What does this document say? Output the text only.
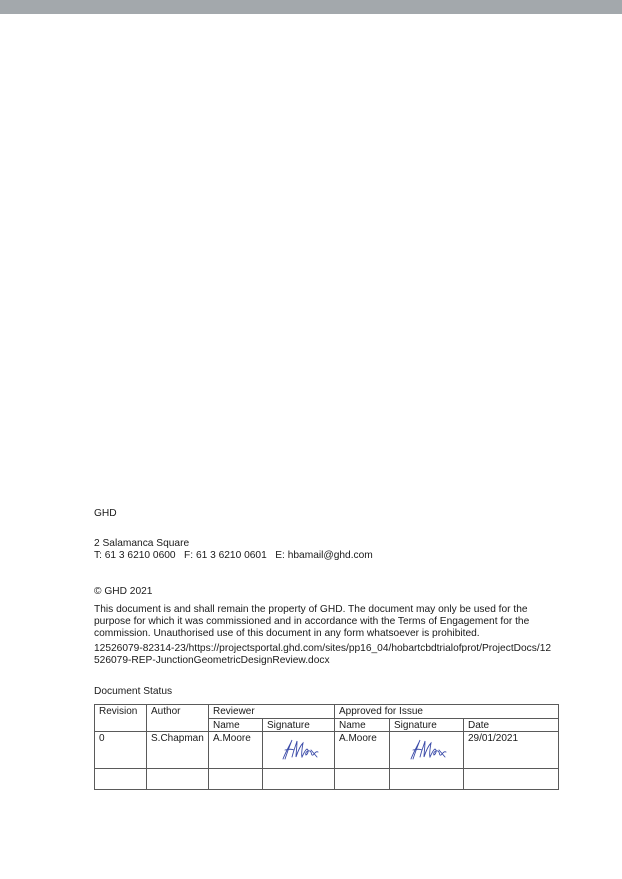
GHD
2 Salamanca Square
T: 61 3 6210 0600   F: 61 3 6210 0601   E: hbamail@ghd.com
© GHD 2021
This document is and shall remain the property of GHD. The document may only be used for the purpose for which it was commissioned and in accordance with the Terms of Engagement for the commission. Unauthorised use of this document in any form whatsoever is prohibited.
12526079-82314-23/https://projectsportal.ghd.com/sites/pp16_04/hobartcbdtrialofprot/ProjectDocs/12526079-REP-JunctionGeometricDesignReview.docx
Document Status
Revision	Author	Reviewer		Approved for Issue		
		Name	Signature	Name	Signature	Date
0	S.Chapman	A.Moore		A.Moore		29/01/2021
